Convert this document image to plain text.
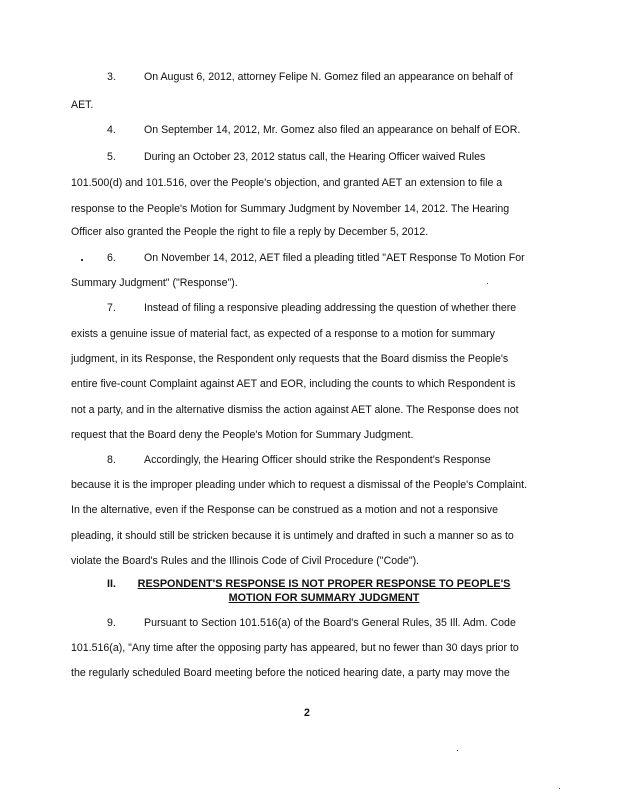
3.	On August 6, 2012, attorney Felipe N. Gomez filed an appearance on behalf of
AET.
4.	On September 14, 2012, Mr. Gomez also filed an appearance on behalf of EOR.
5.	During an October 23, 2012 status call, the Hearing Officer waived Rules
101.500(d) and 101.516, over the People's objection, and granted AET an extension to file a
response to the People's Motion for Summary Judgment by November 14, 2012. The Hearing
Officer also granted the People the right to file a reply by December 5, 2012.
6.	On November 14, 2012, AET filed a pleading titled "AET Response To Motion For
Summary Judgment" ("Response").
7.	Instead of filing a responsive pleading addressing the question of whether there
exists a genuine issue of material fact, as expected of a response to a motion for summary
judgment, in its Response, the Respondent only requests that the Board dismiss the People's
entire five-count Complaint against AET and EOR, including the counts to which Respondent is
not a party, and in the alternative dismiss the action against AET alone. The Response does not
request that the Board deny the People's Motion for Summary Judgment.
8.	Accordingly, the Hearing Officer should strike the Respondent's Response
because it is the improper pleading under which to request a dismissal of the People's Complaint.
In the alternative, even if the Response can be construed as a motion and not a responsive
pleading, it should still be stricken because it is untimely and drafted in such a manner so as to
violate the Board's Rules and the Illinois Code of Civil Procedure ("Code").
II.	RESPONDENT'S RESPONSE IS NOT PROPER RESPONSE TO PEOPLE'S
MOTION FOR SUMMARY JUDGMENT
9.	Pursuant to Section 101.516(a) of the Board's General Rules, 35 Ill. Adm. Code
101.516(a), "Any time after the opposing party has appeared, but no fewer than 30 days prior to
the regularly scheduled Board meeting before the noticed hearing date, a party may move the
2
